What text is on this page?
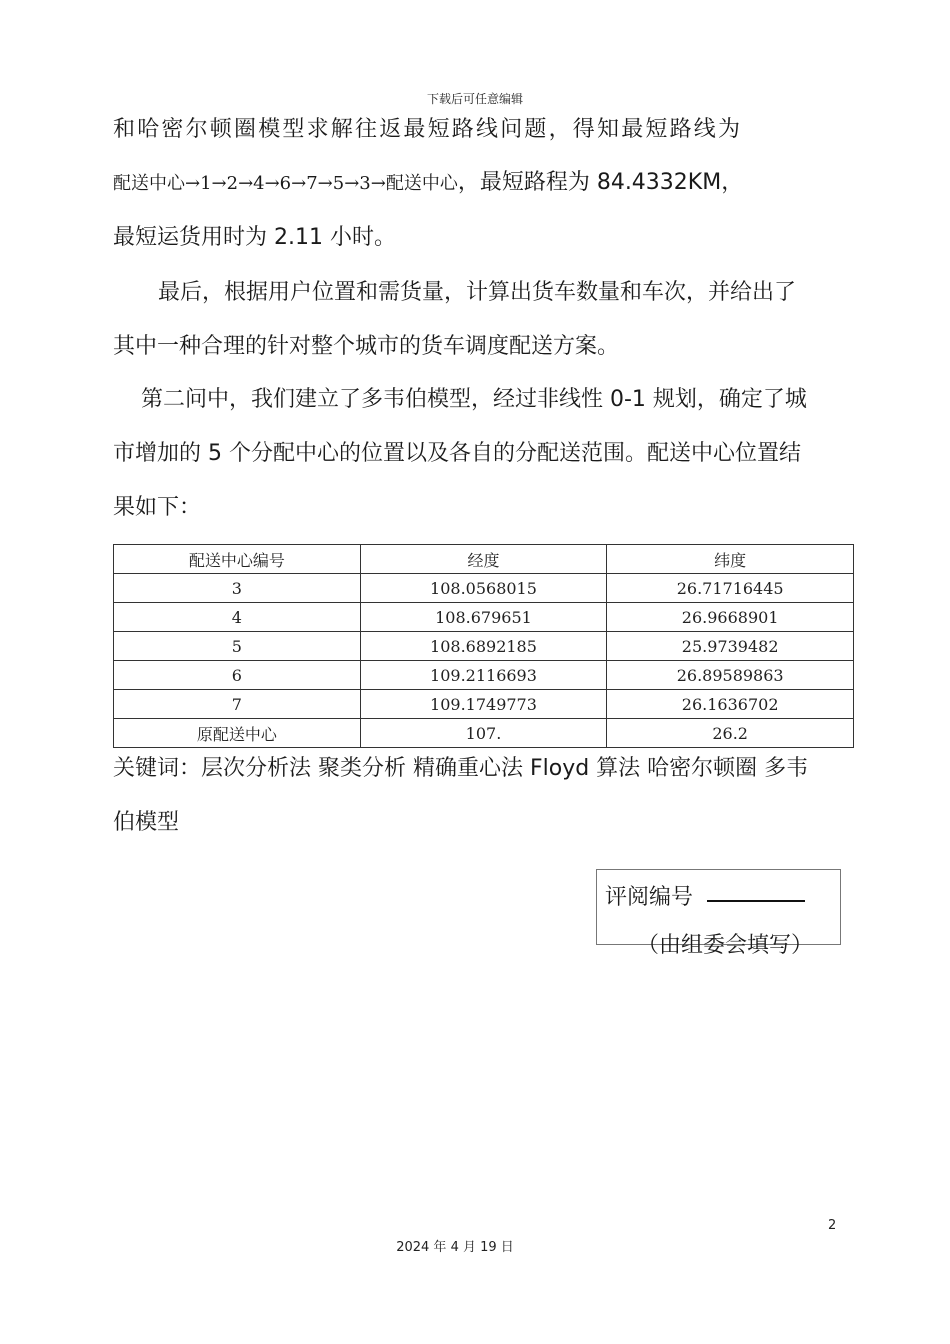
下载后可任意编辑
和哈密尔顿圈模型求解往返最短路线问题，得知最短路线为
配送中心→1→2→4→6→7→5→3→配送中心，最短路程为 84.4332KM，
最短运货用时为 2.11 小时。
最后，根据用户位置和需货量，计算出货车数量和车次，并给出了
其中一种合理的针对整个城市的货车调度配送方案。
第二问中，我们建立了多韦伯模型，经过非线性 0-1 规划，确定了城
市增加的 5 个分配中心的位置以及各自的分配送范围。配送中心位置结
果如下：
配送中心编号	经度	纬度
3	108.0568015	26.71716445
4	108.679651	26.9668901
5	108.6892185	25.9739482
6	109.2116693	26.89589863
7	109.1749773	26.1636702
原配送中心	107.	26.2
关键词：层次分析法 聚类分析 精确重心法 Floyd 算法 哈密尔顿圈 多韦
伯模型
评阅编号
（由组委会填写）
2
2024 年 4 月 19 日
